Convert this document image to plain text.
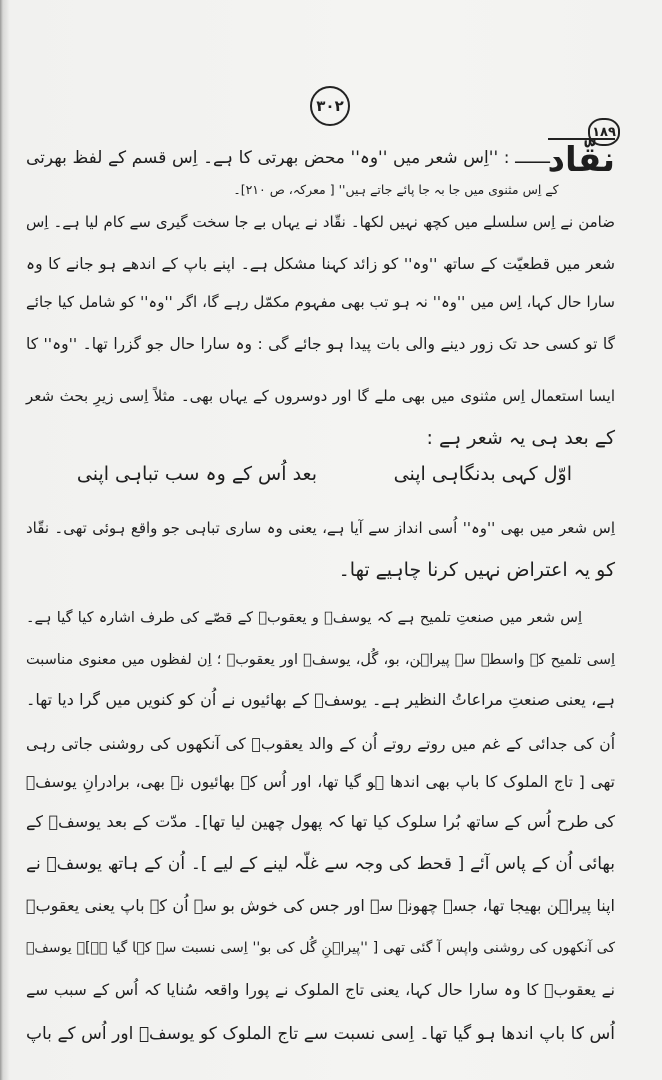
۳۰۲
۱۸۹
نقّاد
ـــــــ : ''اِس شعر میں ''وہ'' محض بھرتی کا ہے۔ اِس قسم کے لفظ بھرتی
کے اِس مثنوی میں جا بہ جا پائے جاتے ہیں'' [ معرکہ، ص ۲۱۰]۔
ضامن نے اِس سلسلے میں کچھ نہیں لکھا۔ نقّاد نے یہاں بے جا سخت گیری سے کام لیا ہے۔ اِس
شعر میں قطعیّت کے ساتھ ''وہ'' کو زائد کہنا مشکل ہے۔ اپنے باپ کے اندھے ہو جانے کا وہ
سارا حال کہا، اِس میں ''وہ'' نہ ہو تب بھی مفہوم مکمّل رہے گا، اگر ''وہ'' کو شامل کیا جائے
گا تو کسی حد تک زور دینے والی بات پیدا ہو جائے گی : وہ سارا حال جو گزرا تھا۔ ''وہ'' کا
ایسا استعمال اِس مثنوی میں بھی ملے گا اور دوسروں کے یہاں بھی۔ مثلاً اِسی زیرِ بحث شعر
کے بعد ہی یہ شعر ہے :
اوّل کہی بدنگاہی اپنی
بعد اُس کے وہ سب تباہی اپنی
اِس شعر میں بھی ''وہ'' اُسی انداز سے آیا ہے، یعنی وہ ساری تباہی جو واقع ہوئی تھی۔ نقّاد
کو یہ اعتراض نہیں کرنا چاہیے تھا۔
اِس شعر میں صنعتِ تلمیح ہے کہ یوسفؑ و یعقوبؑ کے قصّے کی طرف اشارہ کیا گیا ہے۔
اِسی تلمیح کے واسطے سے پیراہن، بو، گُل، یوسفؑ اور یعقوبؑ ؛ اِن لفظوں میں معنوی مناسبت
ہے، یعنی صنعتِ مراعاتُ النظیر ہے۔ یوسفؑ کے بھائیوں نے اُن کو کنویں میں گرا دیا تھا۔
اُن کی جدائی کے غم میں روتے روتے اُن کے والد یعقوبؑ کی آنکھوں کی روشنی جاتی رہی
تھی [ تاج الملوک کا باپ بھی اندھا ہو گیا تھا، اور اُس کے بھائیوں نے بھی، برادرانِ یوسفؑ
کی طرح اُس کے ساتھ بُرا سلوک کیا تھا کہ پھول چھین لیا تھا]۔ مدّت کے بعد یوسفؑ کے
بھائی اُن کے پاس آئے [ قحط کی وجہ سے غلّہ لینے کے لیے ]۔ اُن کے ہاتھ یوسفؑ نے
اپنا پیراہن بھیجا تھا، جسے چھونے سے اور جس کی خوش بو سے اُن کے باپ یعنی یعقوبؑ
کی آنکھوں کی روشنی واپس آ گئی تھی [ ''پیراہنِ گُل کی بو'' اِسی نسبت سے کہا گیا ہے]۔ یوسفؑ
نے یعقوبؑ کا وہ سارا حال کہا، یعنی تاج الملوک نے پورا واقعہ سُنایا کہ اُس کے سبب سے
اُس کا باپ اندھا ہو گیا تھا۔ اِسی نسبت سے تاج الملوک کو یوسفؑ اور اُس کے باپ
